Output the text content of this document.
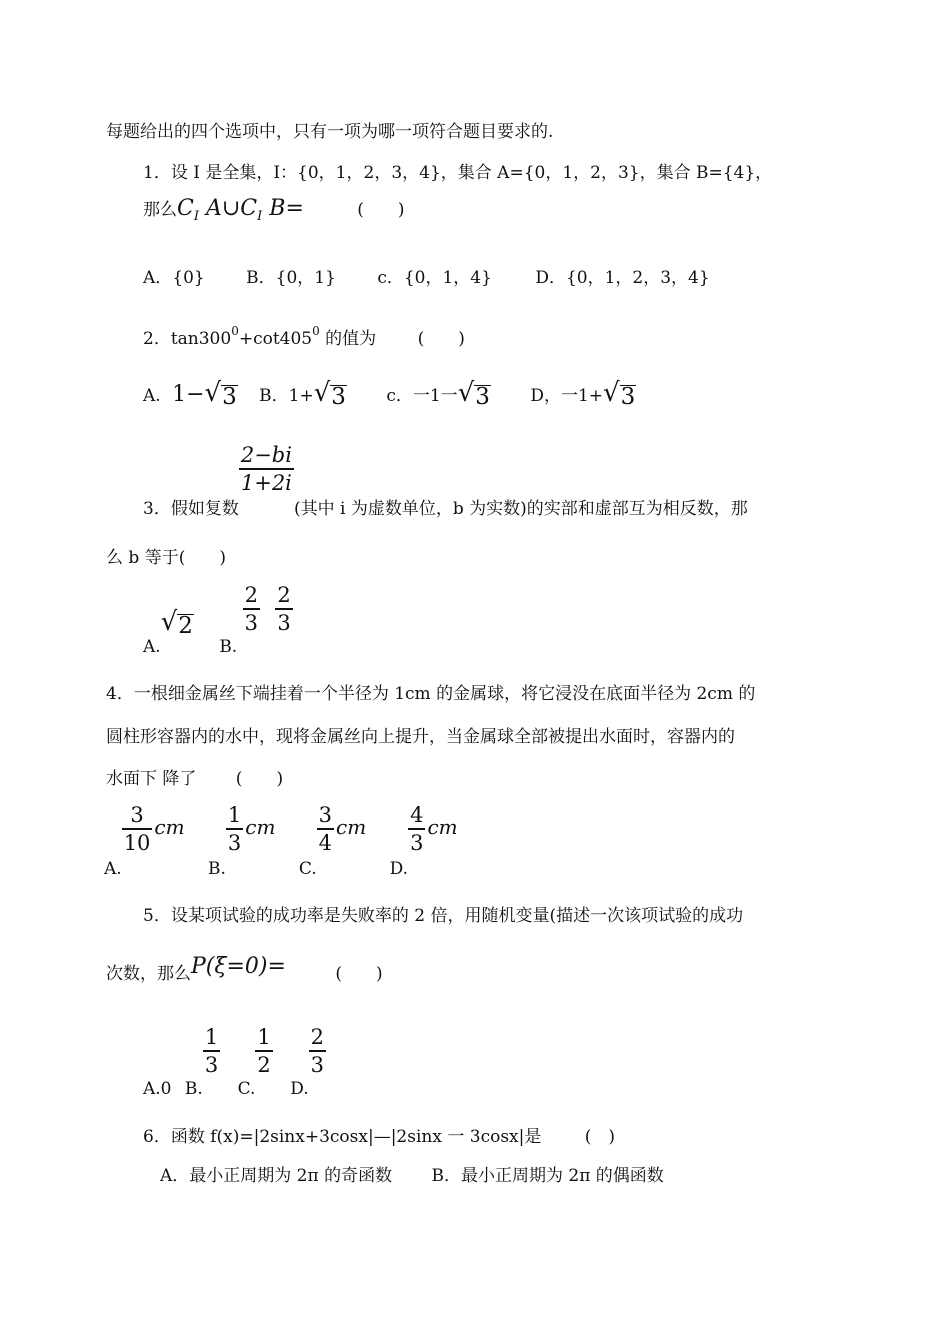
每题给出的四个选项中，只有一项为哪一项符合题目要求的.
1．设 I 是全集，I：{0，1，2，3，4}，集合 A={0，1，2，3}，集合 B={4}，
那么$C_I$ $A\cup C_I$ B=	(　　)
A．{0} B．{0，1} c．{0，1，4}	D．{0，1，2，3，4}
2．$\tan 300^0+\cot 405^0$ 的值为 (　　)
A. 1− √ 3 B．1+ √ 3 c．一1一 √ 3 D，一1+ √ 3
3．假如复数
$\frac{2-bi}{1+2i}$
(其中 i 为虚数单位，b 为实数)的实部和虚部互为相反数，那
么 b 等于(　　)
A.
√ 2
B.
$\frac{2}{3}$
$\frac{2}{3}$
4．一根细金属丝下端挂着一个半径为 1cm 的金属球，将它浸没在底面半径为 2cm 的
圆柱形容器内的水中，现将金属丝向上提升，当金属球全部被提出水面时，容器内的
水面下 降了　　 (　　)
A.
$\frac{3}{10}$ cm B.
$\frac{1}{3}$ cm C.
$\frac{3}{4}$ cm D.
$\frac{4}{3}$ cm
5．设某项试验的成功率是失败率的 2 倍，用随机变量(描述一次该项试验的成功
次数，那么P(ξ=0)=	(　　)
A.0 B.
$\frac{1}{3}$
C.
$\frac{1}{2}$
D.
$\frac{2}{3}$
6．函数 f(x)=|2sinx+3cosx|—|2sinx 一 3cosx|是	(　)
A．最小正周期为 2π 的奇函数 B．最小正周期为 2π 的偶函数
